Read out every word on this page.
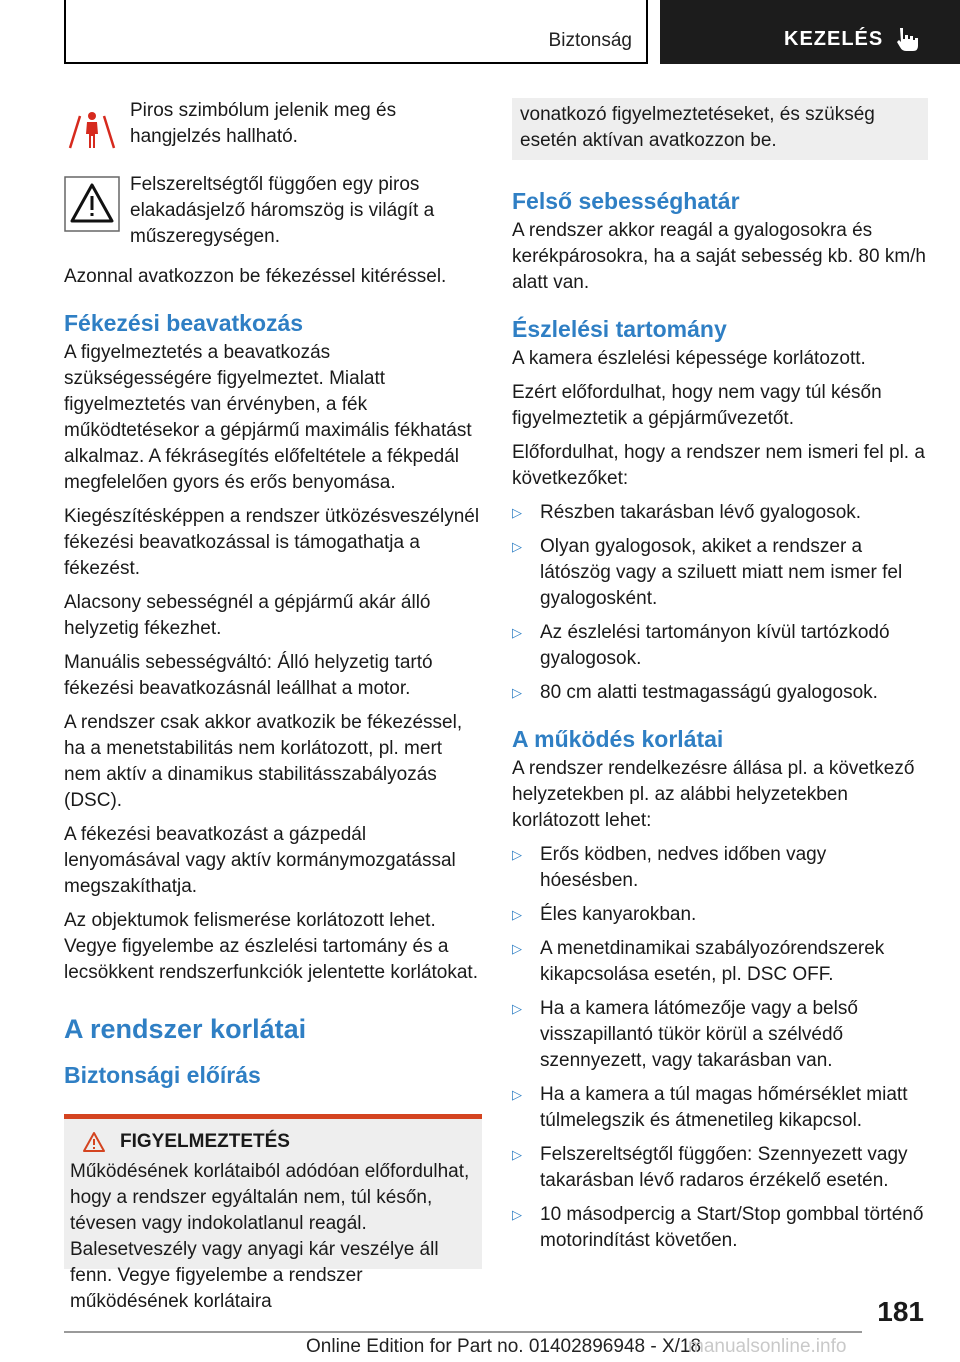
Biztonság	KEZELÉS

Piros szimbólum jelenik meg és hangjelzés hallható.

Felszereltségtől függően egy piros elakadásjelző háromszög is világít a műszeregységen.

Azonnal avatkozzon be fékezéssel kitéréssel.

Fékezési beavatkozás

A figyelmeztetés a beavatkozás szükségességére figyelmeztet. Mialatt figyelmeztetés van érvényben, a fék működtetésekor a gépjármű maximális fékhatást alkalmaz. A fékrásegítés előfeltétele a fékpedál megfelelően gyors és erős benyomása.

Kiegészítésképpen a rendszer ütközésveszélynél fékezési beavatkozással is támogathatja a fékezést.

Alacsony sebességnél a gépjármű akár álló helyzetig fékezhet.

Manuális sebességváltó: Álló helyzetig tartó fékezési beavatkozásnál leállhat a motor.

A rendszer csak akkor avatkozik be fékezéssel, ha a menetstabilitás nem korlátozott, pl. mert nem aktív a dinamikus stabilitásszabályozás (DSC).

A fékezési beavatkozást a gázpedál lenyomásával vagy aktív kormánymozgatással megszakíthatja.

Az objektumok felismerése korlátozott lehet. Vegye figyelembe az észlelési tartomány és a lecsökkent rendszerfunkciók jelentette korlátokat.

A rendszer korlátai
Biztonsági előírás
FIGYELMEZTETÉS

Működésének korlátaiból adódóan előfordulhat, hogy a rendszer egyáltalán nem, túl későn, tévesen vagy indokolatlanul reagál. Balesetveszély vagy anyagi kár veszélye áll fenn. Vegye figyelembe a rendszer működésének korlátaira

vonatkozó figyelmeztetéseket, és szükség esetén aktívan avatkozzon be.

Felső sebességhatár

A rendszer akkor reagál a gyalogosokra és kerékpárosokra, ha a saját sebesség kb. 80 km/h alatt van.

Észlelési tartomány

A kamera észlelési képessége korlátozott.

Ezért előfordulhat, hogy nem vagy túl későn figyelmeztetik a gépjárművezetőt.

Előfordulhat, hogy a rendszer nem ismeri fel pl. a következőket:

▷ Részben takarásban lévő gyalogosok.
▷ Olyan gyalogosok, akiket a rendszer a látószög vagy a sziluett miatt nem ismer fel gyalogosként.
▷ Az észlelési tartományon kívül tartózkodó gyalogosok.
▷ 80 cm alatti testmagasságú gyalogosok.
A működés korlátai

A rendszer rendelkezésre állása pl. a következő helyzetekben pl. az alábbi helyzetekben korlátozott lehet:

▷ Erős ködben, nedves időben vagy hóesésben.
▷ Éles kanyarokban.
▷ A menetdinamikai szabályozórendszerek kikapcsolása esetén, pl. DSC OFF.
▷ Ha a kamera látómezője vagy a belső visszapillantó tükör körül a szélvédő szennyezett, vagy takarásban van.
▷ Ha a kamera a túl magas hőmérséklet miatt túlmelegszik és átmenetileg kikapcsol.
▷ Felszereltségtől függően: Szennyezett vagy takarásban lévő radaros érzékelő esetén.
▷ 10 másodpercig a Start/Stop gombbal történő motorindítást követően.
181
Online Edition for Part no. 01402896948 - X/18
manualsonline.info
